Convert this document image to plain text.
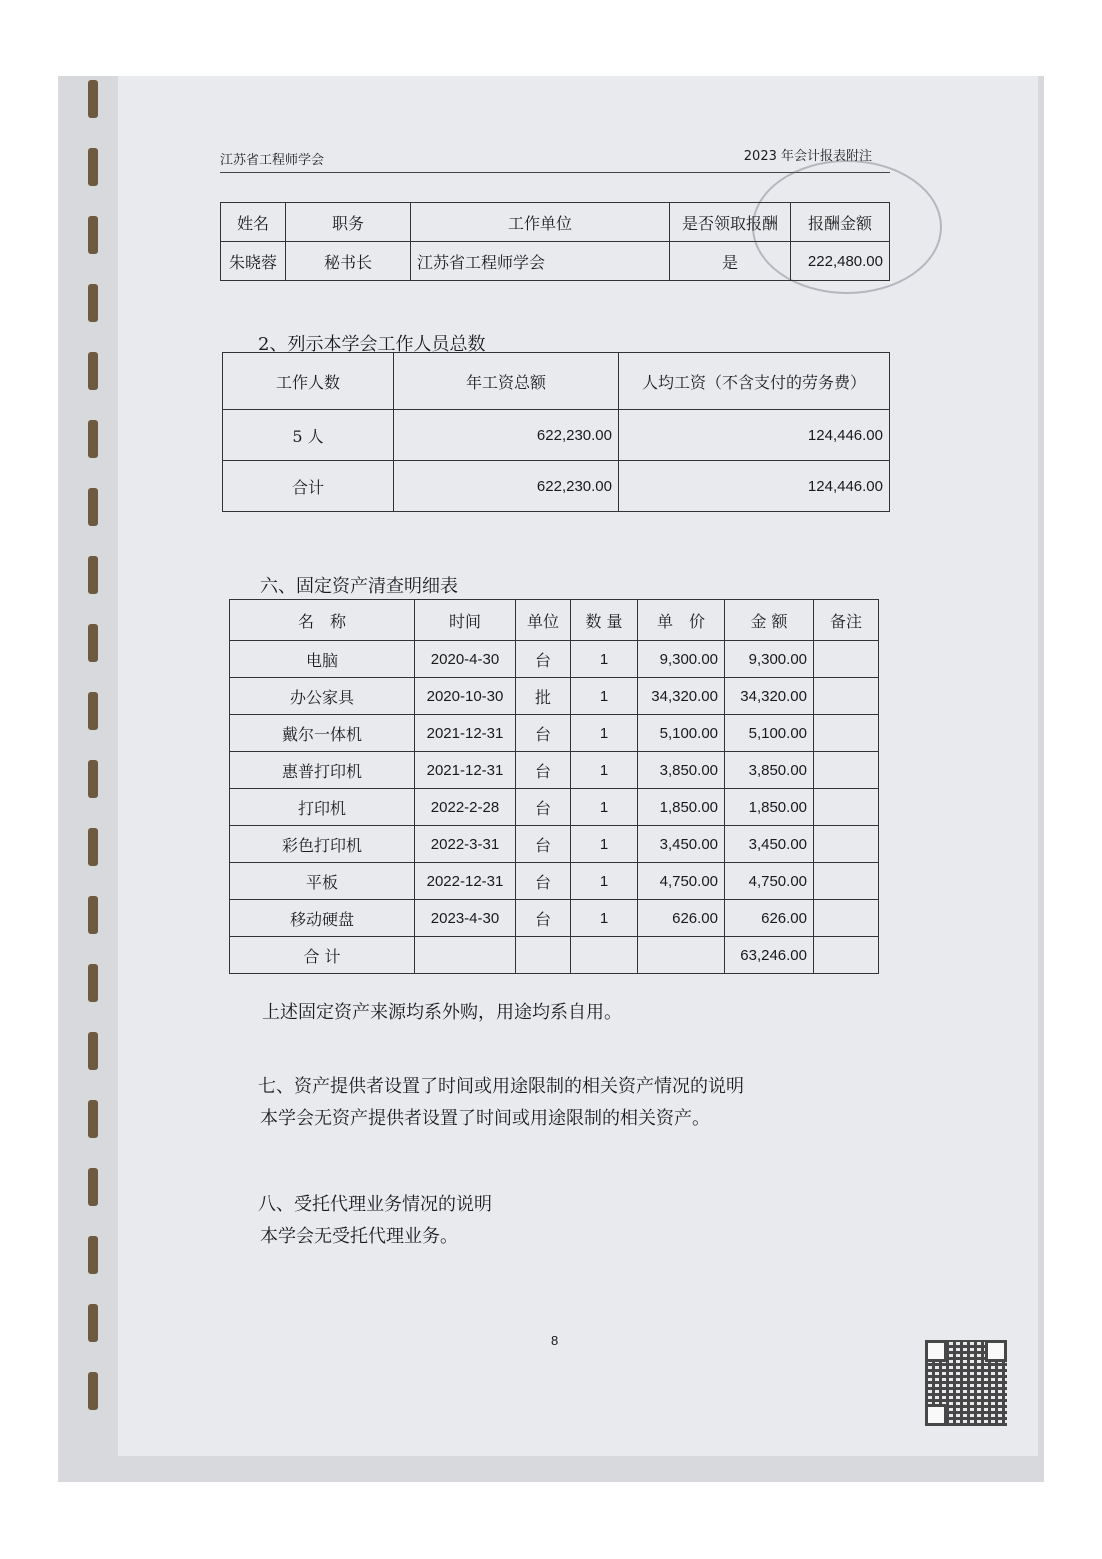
江苏省工程师学会	2023 年会计报表附注
姓名	职务	工作单位	是否领取报酬	报酬金额
朱晓蓉	秘书长	江苏省工程师学会	是	222,480.00
2、列示本学会工作人员总数
工作人数	年工资总额	人均工资（不含支付的劳务费）
5 人	622,230.00	124,446.00
合计	622,230.00	124,446.00
六、固定资产清查明细表
名　称	时间	单位	数 量	单　价	金 额	备注
电脑	2020-4-30	台	1	9,300.00	9,300.00	
办公家具	2020-10-30	批	1	34,320.00	34,320.00	
戴尔一体机	2021-12-31	台	1	5,100.00	5,100.00	
惠普打印机	2021-12-31	台	1	3,850.00	3,850.00	
打印机	2022-2-28	台	1	1,850.00	1,850.00	
彩色打印机	2022-3-31	台	1	3,450.00	3,450.00	
平板	2022-12-31	台	1	4,750.00	4,750.00	
移动硬盘	2023-4-30	台	1	626.00	626.00	
合 计					63,246.00	
上述固定资产来源均系外购，用途均系自用。
七、资产提供者设置了时间或用途限制的相关资产情况的说明
本学会无资产提供者设置了时间或用途限制的相关资产。
八、受托代理业务情况的说明
本学会无受托代理业务。
8
